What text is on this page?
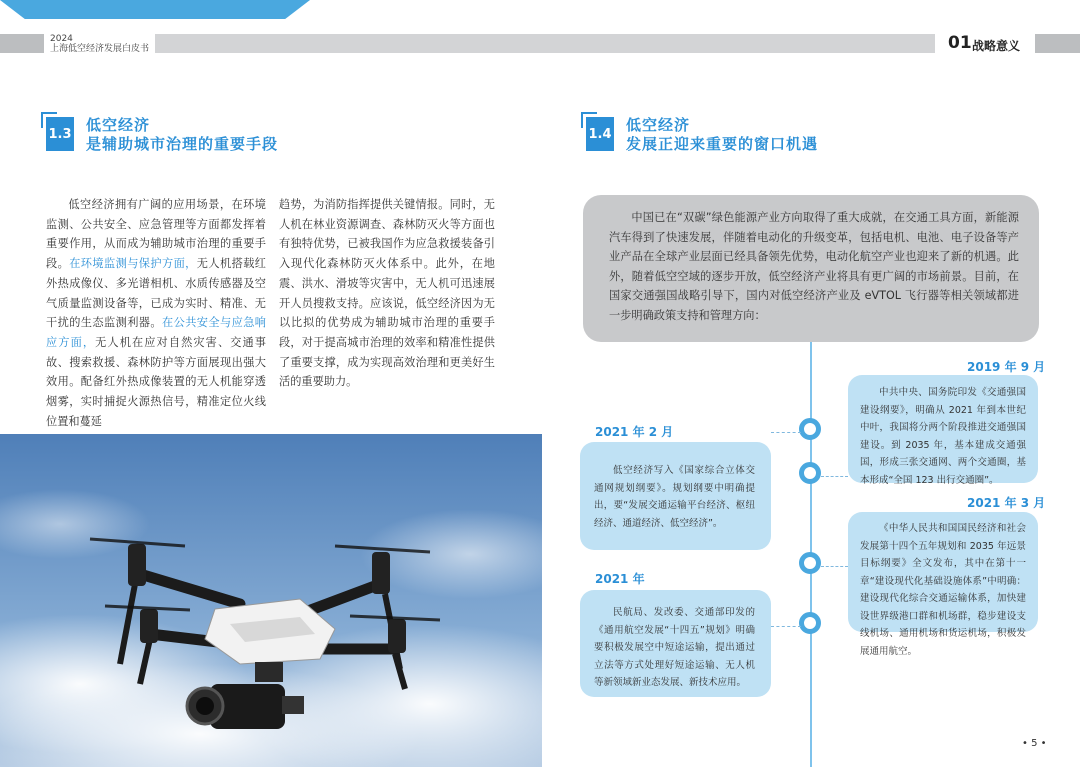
2024
上海低空经济发展白皮书	01 战略意义
1.3 低空经济
是辅助城市治理的重要手段
低空经济拥有广阔的应用场景，在环境监测、公共安全、应急管理等方面都发挥着重要作用，从而成为辅助城市治理的重要手段。在环境监测与保护方面，无人机搭载红外热成像仪、多光谱相机、水质传感器及空气质量监测设备等，已成为实时、精准、无干扰的生态监测利器。在公共安全与应急响应方面，无人机在应对自然灾害、交通事故、搜索救援、森林防护等方面展现出强大效用。配备红外热成像装置的无人机能穿透烟雾，实时捕捉火源热信号，精准定位火线位置和蔓延
趋势，为消防指挥提供关键情报。同时，无人机在林业资源调查、森林防灭火等方面也有独特优势，已被我国作为应急救援装备引入现代化森林防灭火体系中。此外，在地震、洪水、滑坡等灾害中，无人机可迅速展开人员搜救支持。应该说，低空经济因为无以比拟的优势成为辅助城市治理的重要手段，对于提高城市治理的效率和精准性提供了重要支撑，成为实现高效治理和更美好生活的重要助力。
1.4 低空经济
发展正迎来重要的窗口机遇

中国已在“双碳”绿色能源产业方向取得了重大成就，在交通工具方面，新能源汽车得到了快速发展，伴随着电动化的升级变革，包括电机、电池、电子设备等产业产品在全球产业层面已经具备领先优势，电动化航空产业也迎来了新的机遇。此外，随着低空空域的逐步开放，低空经济产业将具有更广阔的市场前景。目前，在国家交通强国战略引导下，国内对低空经济产业及 eVTOL 飞行器等相关领域都进一步明确政策支持和管理方向：

2019 年 9 月

中共中央、国务院印发《交通强国建设纲要》，明确从 2021 年到本世纪中叶，我国将分两个阶段推进交通强国建设。到 2035 年，基本建成交通强国，形成三张交通网、两个交通圈，基本形成“全国 123 出行交通圈”。

2021 年 2 月

低空经济写入《国家综合立体交通网规划纲要》。规划纲要中明确提出，要“发展交通运输平台经济、枢纽经济、通道经济、低空经济”。

2021 年 3 月

《中华人民共和国国民经济和社会发展第十四个五年规划和 2035 年远景目标纲要》全文发布，其中在第十一章“建设现代化基础设施体系”中明确：建设现代化综合交通运输体系，加快建设世界级港口群和机场群，稳步建设支线机场、通用机场和货运机场，积极发展通用航空。

2021 年

民航局、发改委、交通部印发的《通用航空发展“十四五”规划》明确要积极发展空中短途运输，提出通过立法等方式处理好短途运输、无人机等新领域新业态发展、新技术应用。

• 5 •
